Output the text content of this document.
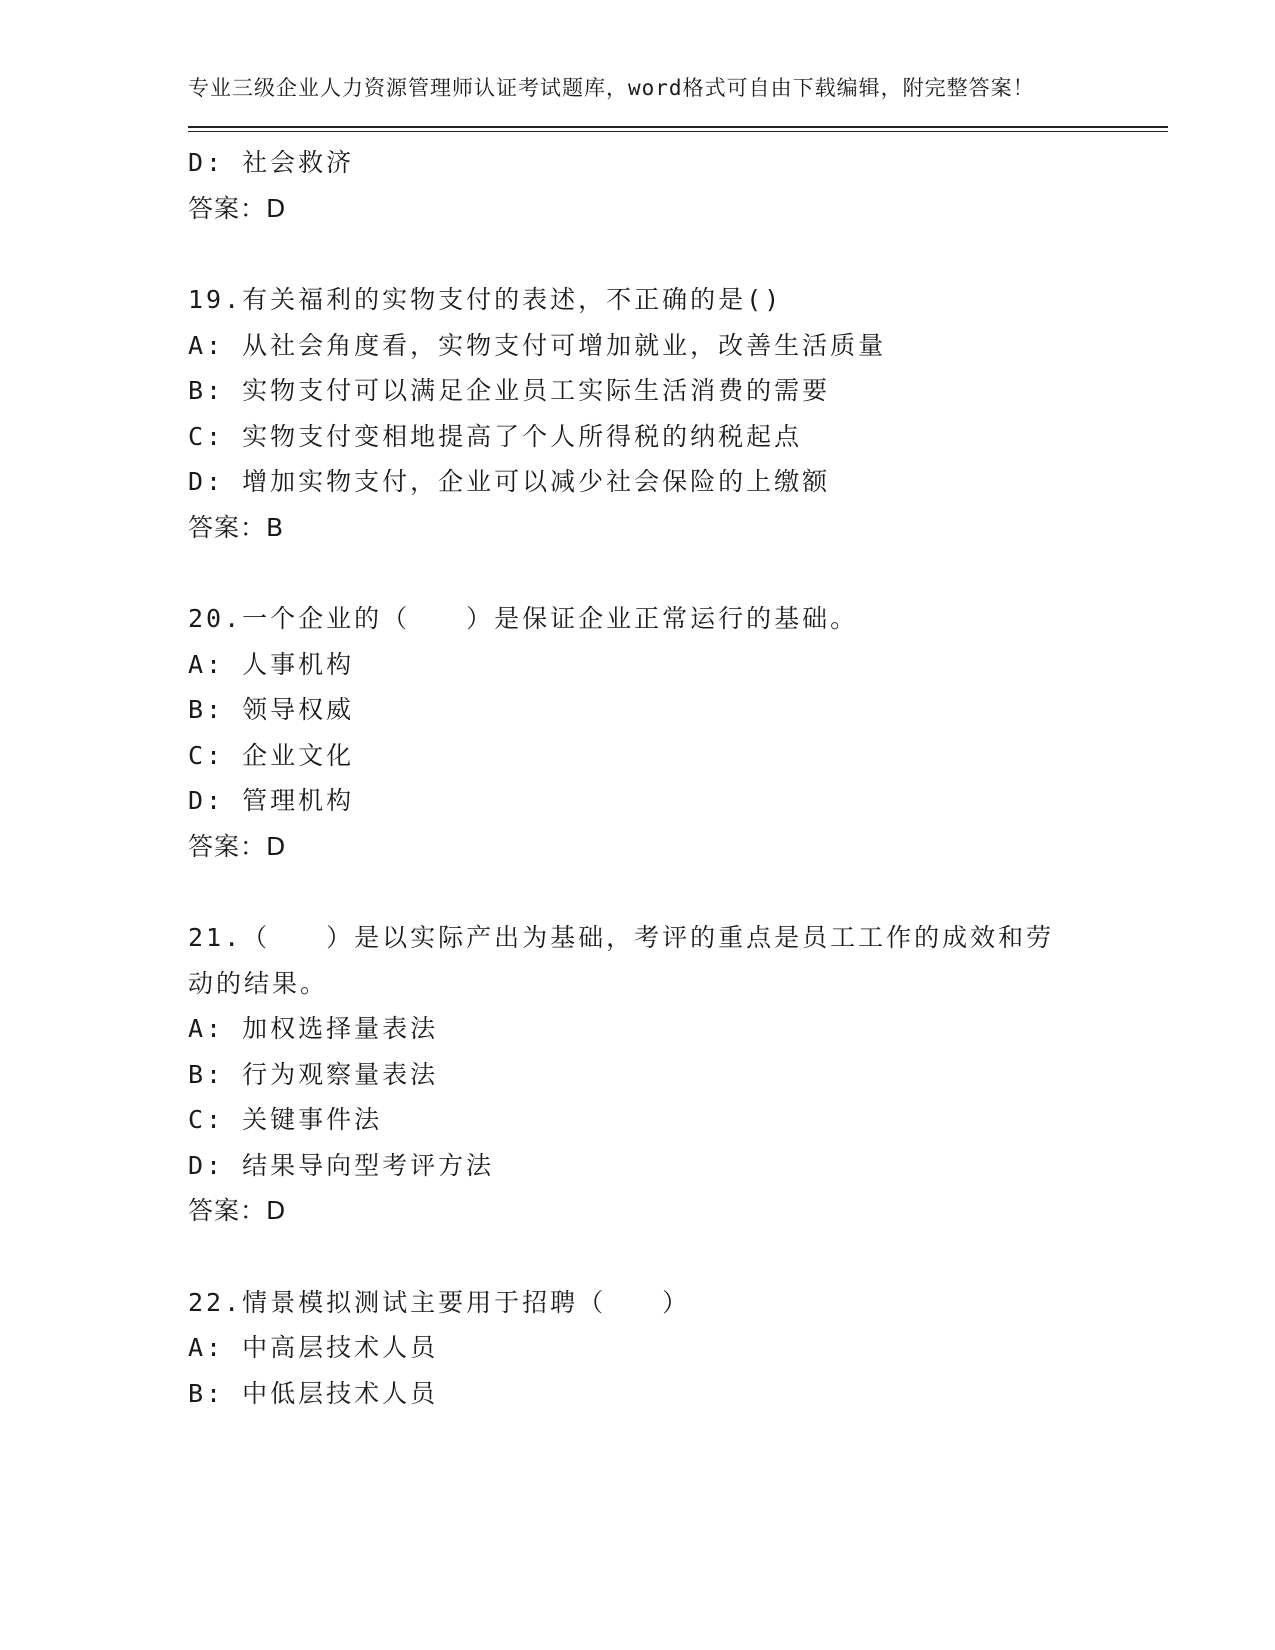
专业三级企业人力资源管理师认证考试题库，word格式可自由下载编辑，附完整答案！

D: 社会救济
答案：D
19.有关福利的实物支付的表述，不正确的是()
A: 从社会角度看，实物支付可增加就业，改善生活质量
B: 实物支付可以满足企业员工实际生活消费的需要
C: 实物支付变相地提高了个人所得税的纳税起点
D: 增加实物支付，企业可以减少社会保险的上缴额
答案：B
20.一个企业的（　　）是保证企业正常运行的基础。
A: 人事机构
B: 领导权威
C: 企业文化
D: 管理机构
答案：D
21.（　　）是以实际产出为基础，考评的重点是员工工作的成效和劳动的结果。
A: 加权选择量表法
B: 行为观察量表法
C: 关键事件法
D: 结果导向型考评方法
答案：D
22.情景模拟测试主要用于招聘（　　）
A: 中高层技术人员
B: 中低层技术人员
